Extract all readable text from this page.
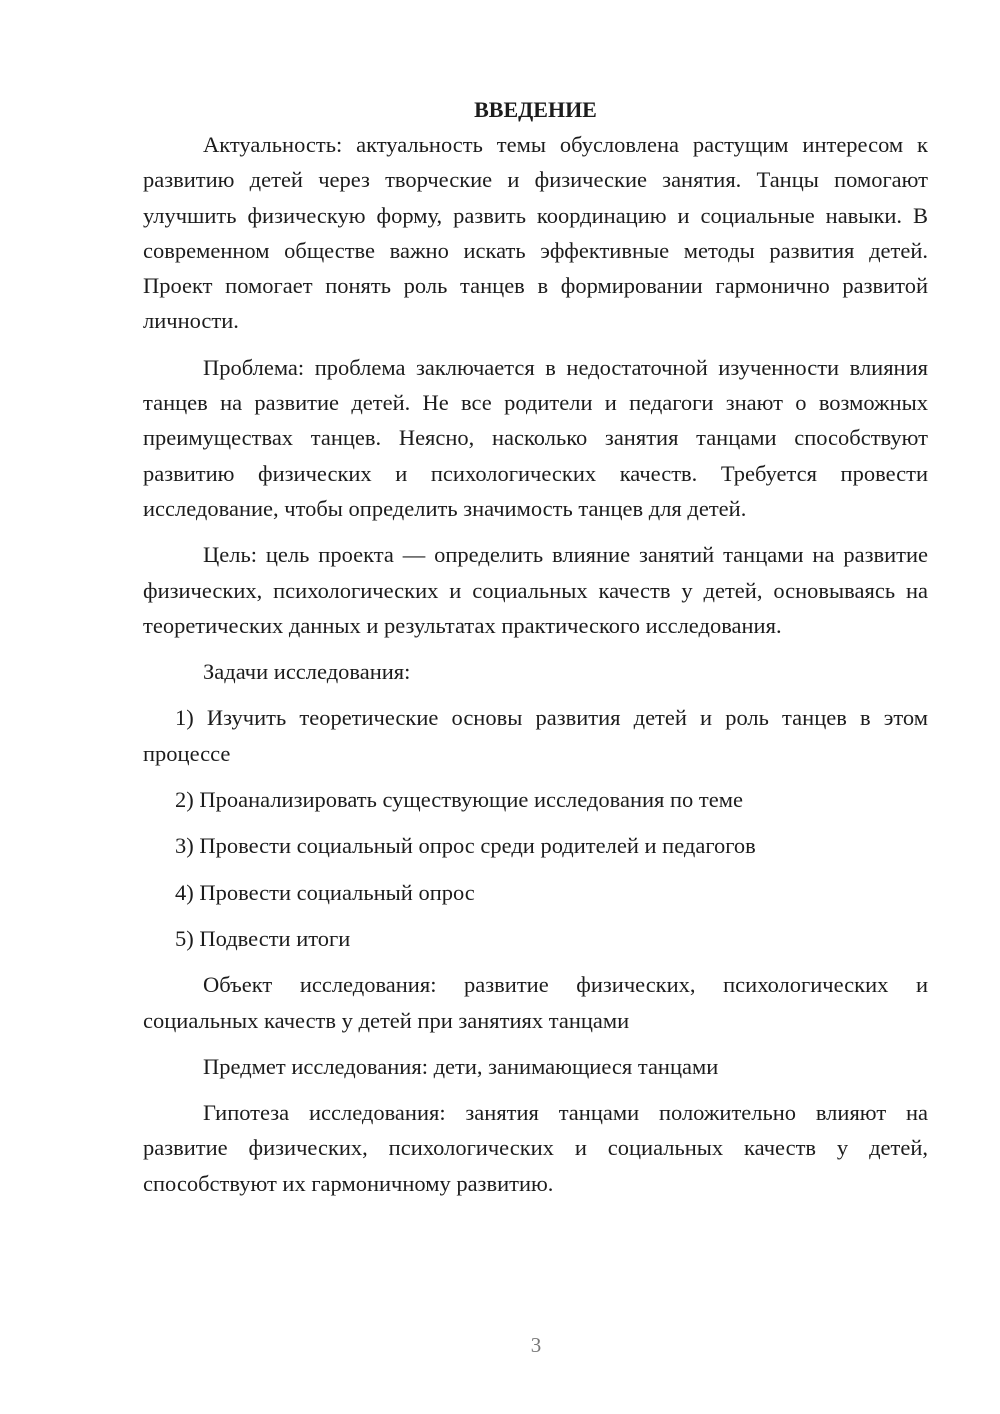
ВВЕДЕНИЕ

Актуальность: актуальность темы обусловлена растущим интересом к развитию детей через творческие и физические занятия. Танцы помогают улучшить физическую форму, развить координацию и социальные навыки. В современном обществе важно искать эффективные методы развития детей. Проект помогает понять роль танцев в формировании гармонично развитой личности.

Проблема: проблема заключается в недостаточной изученности влияния танцев на развитие детей. Не все родители и педагоги знают о возможных преимуществах танцев. Неясно, насколько занятия танцами способствуют развитию физических и психологических качеств. Требуется провести исследование, чтобы определить значимость танцев для детей.

Цель: цель проекта — определить влияние занятий танцами на развитие физических, психологических и социальных качеств у детей, основываясь на теоретических данных и результатах практического исследования.

Задачи исследования:

1) Изучить теоретические основы развития детей и роль танцев в этом процессе

2) Проанализировать существующие исследования по теме

3) Провести социальный опрос среди родителей и педагогов

4) Провести социальный опрос

5) Подвести итоги

Объект исследования: развитие физических, психологических и социальных качеств у детей при занятиях танцами

Предмет исследования: дети, занимающиеся танцами

Гипотеза исследования: занятия танцами положительно влияют на развитие физических, психологических и социальных качеств у детей, способствуют их гармоничному развитию.

3
